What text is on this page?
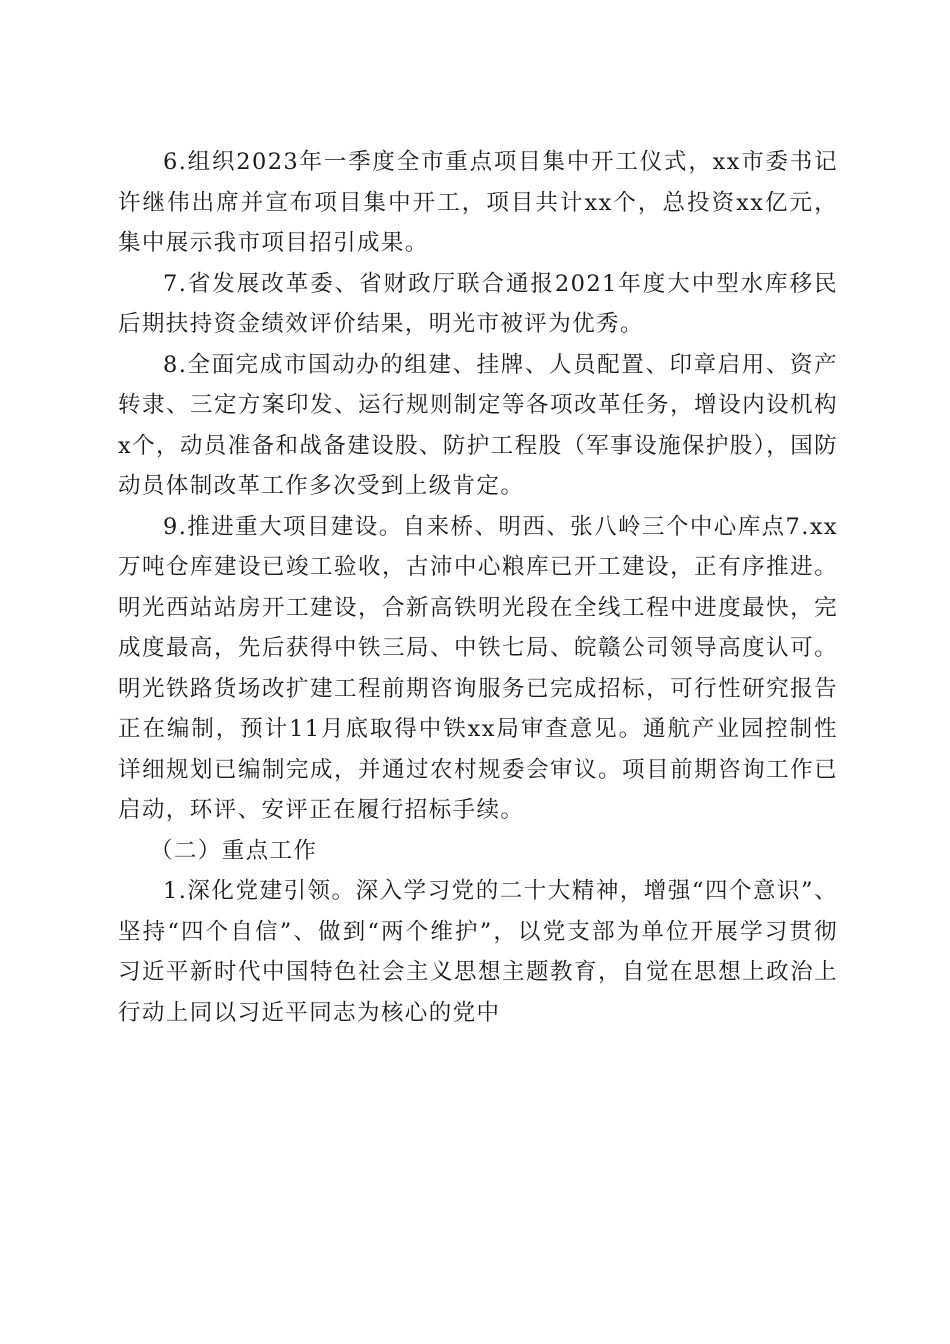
6.组织2023年一季度全市重点项目集中开工仪式，xx市委书记许继伟出席并宣布项目集中开工，项目共计xx个，总投资xx亿元，集中展示我市项目招引成果。

7.省发展改革委、省财政厅联合通报2021年度大中型水库移民后期扶持资金绩效评价结果，明光市被评为优秀。

8.全面完成市国动办的组建、挂牌、人员配置、印章启用、资产转隶、三定方案印发、运行规则制定等各项改革任务，增设内设机构x个，动员准备和战备建设股、防护工程股（军事设施保护股），国防动员体制改革工作多次受到上级肯定。

9.推进重大项目建设。自来桥、明西、张八岭三个中心库点7.xx万吨仓库建设已竣工验收，古沛中心粮库已开工建设，正有序推进。明光西站站房开工建设，合新高铁明光段在全线工程中进度最快，完成度最高，先后获得中铁三局、中铁七局、皖赣公司领导高度认可。明光铁路货场改扩建工程前期咨询服务已完成招标，可行性研究报告正在编制，预计11月底取得中铁xx局审查意见。通航产业园控制性详细规划已编制完成，并通过农村规委会审议。项目前期咨询工作已启动，环评、安评正在履行招标手续。

（二）重点工作

1.深化党建引领。深入学习党的二十大精神，增强“四个意识”、坚持“四个自信”、做到“两个维护”，以党支部为单位开展学习贯彻习近平新时代中国特色社会主义思想主题教育，自觉在思想上政治上行动上同以习近平同志为核心的党中
